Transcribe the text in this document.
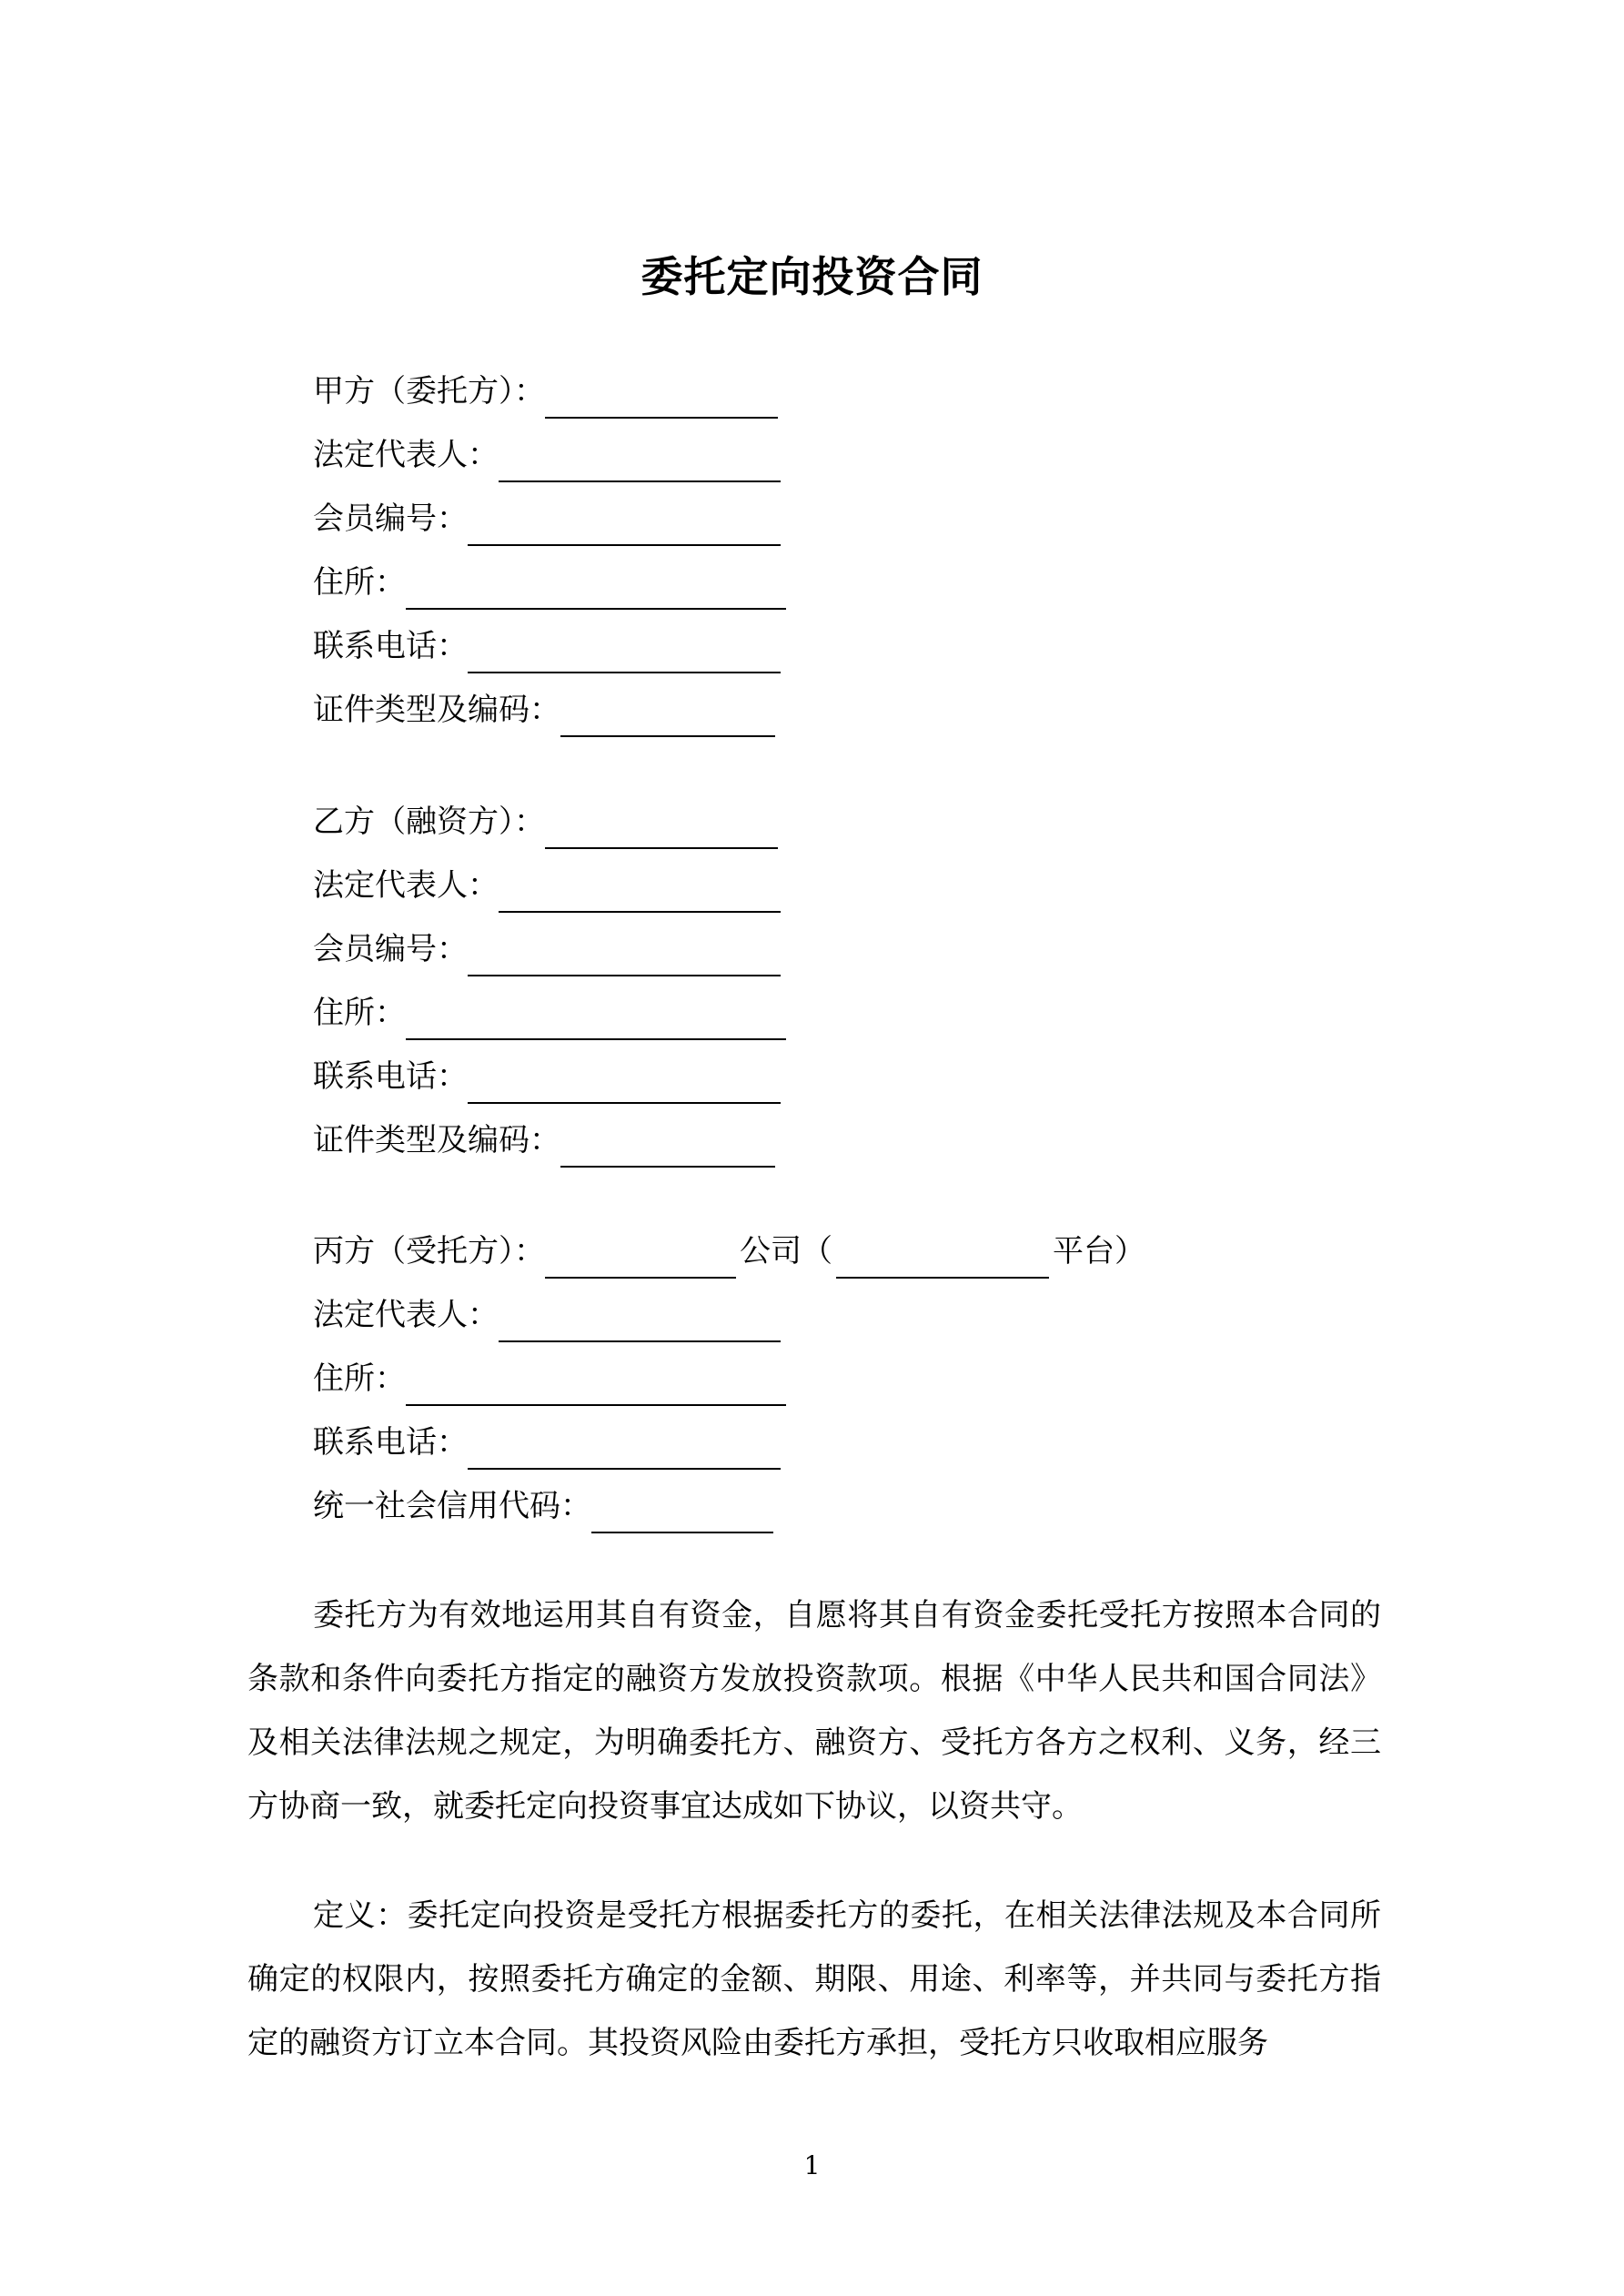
委托定向投资合同
甲方（委托方）：
法定代表人：
会员编号：
住所：
联系电话：
证件类型及编码：
乙方（融资方）：
法定代表人：
会员编号：
住所：
联系电话：
证件类型及编码：
丙方（受托方）：	公司（	平台）
法定代表人：
住所：
联系电话：
统一社会信用代码：

委托方为有效地运用其自有资金，自愿将其自有资金委托受托方按照本合同的条款和条件向委托方指定的融资方发放投资款项。根据《中华人民共和国合同法》及相关法律法规之规定，为明确委托方、融资方、受托方各方之权利、义务，经三方协商一致，就委托定向投资事宜达成如下协议，以资共守。

定义：委托定向投资是受托方根据委托方的委托，在相关法律法规及本合同所确定的权限内，按照委托方确定的金额、期限、用途、利率等，并共同与委托方指定的融资方订立本合同。其投资风险由委托方承担，受托方只收取相应服务

1
